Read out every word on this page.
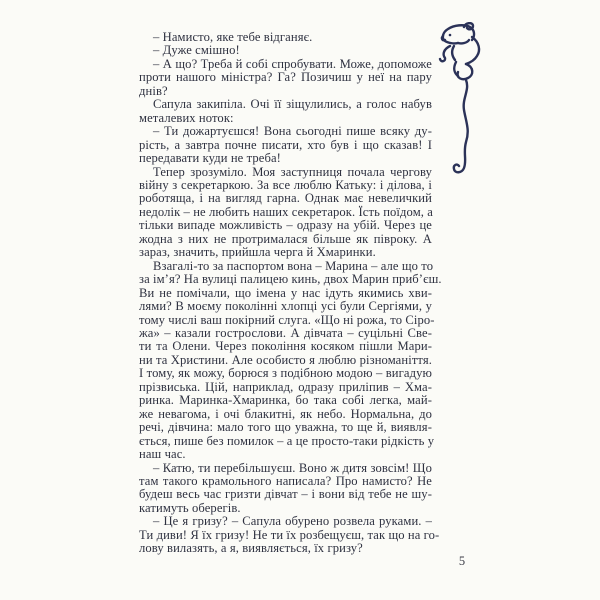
– Намисто, яке тебе відганяє.
– Дуже смішно!
– А що? Треба й собі спробувати. Може, допоможе
проти нашого міністра? Га? Позичиш у неї на пару
днів?
Сапула закипіла. Очі її зіщулились, а голос набув
металевих ноток:
– Ти дожартуєшся! Вона сьогодні пише всяку ду-
рість, а завтра почне писати, хто був і що сказав! І
передавати куди не треба!
Тепер зрозуміло. Моя заступниця почала чергову
війну з секретаркою. За все люблю Катьку: і ділова, і
роботяща, і на вигляд гарна. Однак має невеличкий
недолік – не любить наших секретарок. Їсть поїдом, а
тільки випаде можливість – одразу на убій. Через це
жодна з них не протрималася більше як півроку. А
зараз, значить, прийшла черга й Хмаринки.
Взагалі-то за паспортом вона – Марина – але що то
за ім’я? На вулиці палицею кинь, двох Марин приб’єш.
Ви не помічали, що імена у нас ідуть якимись хви-
лями? В моєму поколінні хлопці усі були Сергіями, у
тому числі ваш покірний слуга. «Що ні рожа, то Сіро-
жа» – казали гострослови. А дівчата – суцільні Све-
ти та Олени. Через покоління косяком пішли Мари-
ни та Христини. Але особисто я люблю різноманіття.
І тому, як можу, борюся з подібною модою – вигадую
прізвиська. Цій, наприклад, одразу приліпив – Хма-
ринка. Маринка-Хмаринка, бо така собі легка, май-
же невагома, і очі блакитні, як небо. Нормальна, до
речі, дівчина: мало того що уважна, то ще й, виявля-
ється, пише без помилок – а це просто-таки рідкість у
наш час.
– Катю, ти перебільшуєш. Воно ж дитя зовсім! Що
там такого крамольного написала? Про намисто? Не
будеш весь час гризти дівчат – і вони від тебе не шу-
катимуть оберегів.
– Це я гризу? – Сапула обурено розвела руками. –
Ти диви! Я їх гризу! Не ти їх розбещуєш, так що на го-
лову вилазять, а я, виявляється, їх гризу?
5
